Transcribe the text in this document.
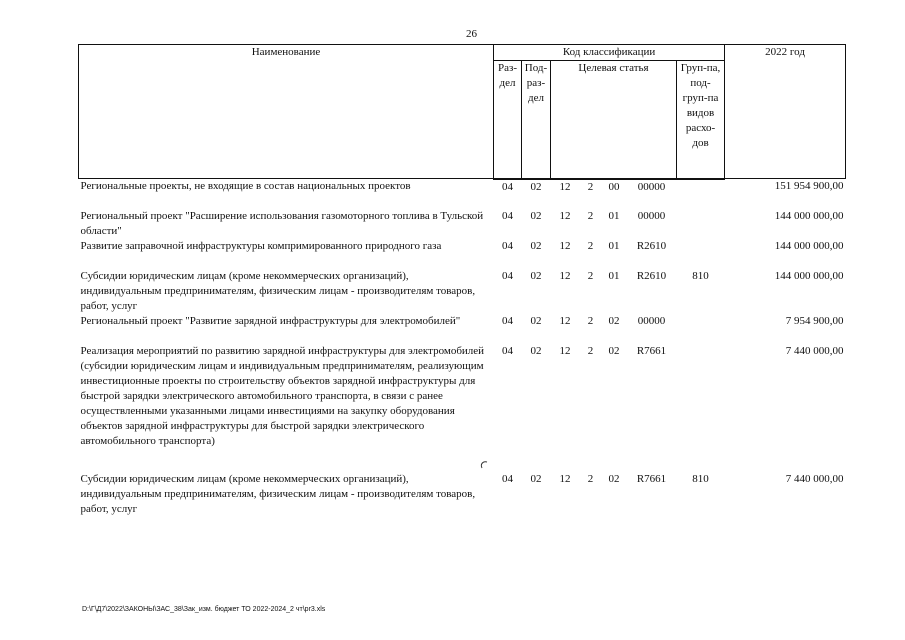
26
Наименование	Код классификации							2022 год
	Раз-дел	Под-раз-дел	Целевая статья				Груп-па, под-груп-па видов расхо-дов	
Региональные проекты, не входящие в состав национальных проектов	04	02	12	2	00	00000		151 954 900,00
Региональный проект "Расширение использования газомоторного топлива в Тульской области"	04	02	12	2	01	00000		144 000 000,00
Развитие заправочной инфраструктуры компримированного природного газа	04	02	12	2	01	R2610		144 000 000,00
Субсидии юридическим лицам (кроме некоммерческих организаций), индивидуальным предпринимателям, физическим лицам - производителям товаров, работ, услуг	04	02	12	2	01	R2610	810	144 000 000,00
Региональный проект "Развитие зарядной инфраструктуры для электромобилей"	04	02	12	2	02	00000		7 954 900,00
Реализация мероприятий по развитию зарядной инфраструктуры для электромобилей (субсидии юридическим лицам и индивидуальным предпринимателям, реализующим инвестиционные проекты по строительству объектов зарядной инфраструктуры для быстрой зарядки электрического автомобильного транспорта, в связи с ранее осуществленными указанными лицами инвестициями на закупку оборудования объектов зарядной инфраструктуры для быстрой зарядки электрического автомобильного транспорта)	04	02	12	2	02	R7661		7 440 000,00
Субсидии юридическим лицам (кроме некоммерческих организаций), индивидуальным предпринимателям, физическим лицам - производителям товаров, работ, услуг	04	02	12	2	02	R7661	810	7 440 000,00
D:\Г\Д7\2022\ЗАКОНЫ\ЗАС_38\Зак_изм. бюджет ТО 2022-2024_2 чт\pr3.xls
